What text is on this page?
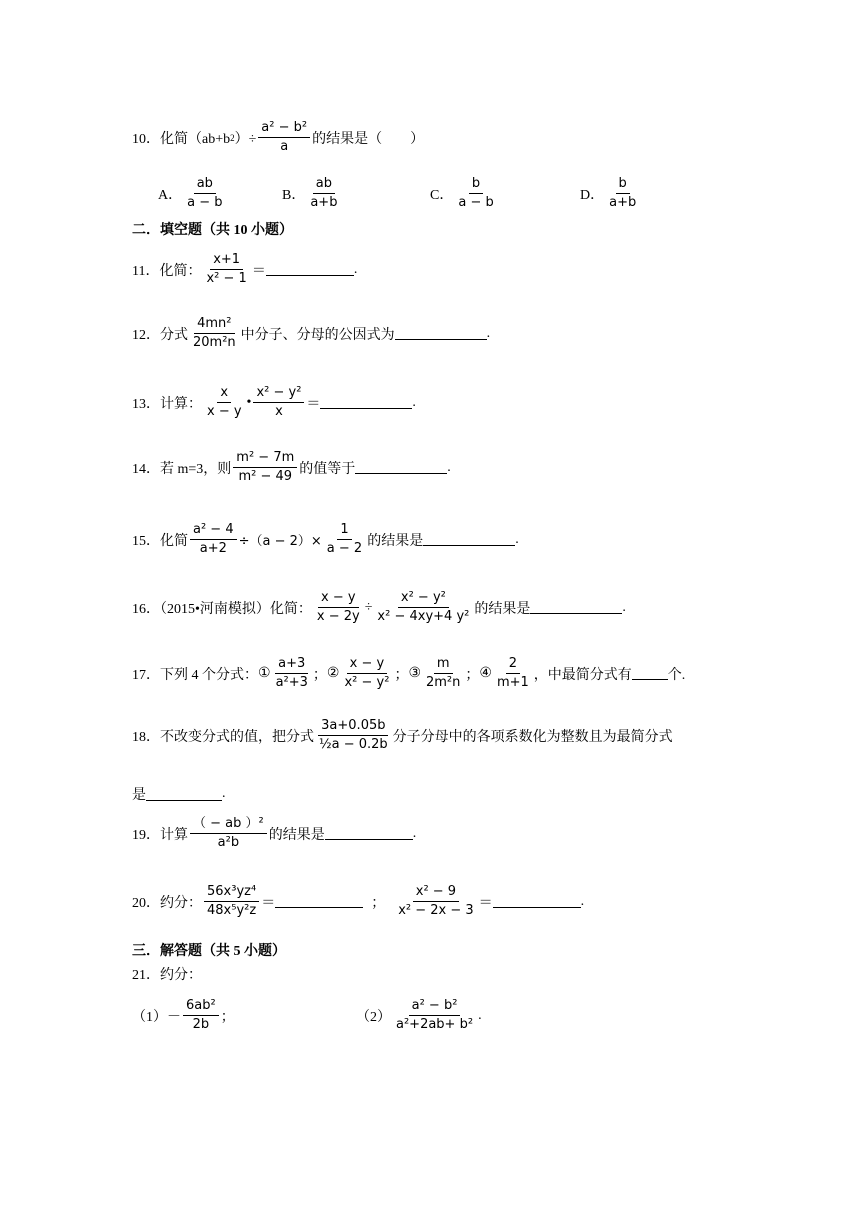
10．化简（ab+b 2 ）÷ $\frac{\text{a² − b²}}{a}$ 的结果是（　　）
A． $\frac{ab}{a - b}$	B． $\frac{ab}{a+b}$	C． $\frac{b}{a - b}$	D． $\frac{b}{a+b}$
二．填空题（共 10 小题）
11．化简： $\frac{x+1}{\text{x² − 1}}$ ＝	.
12．分式 $\frac{\text{4mn²}}{\text{20m²n}}$ 中分子、分母的公因式为	.
13．计算： $\frac{x}{x - y}$ • $\frac{\text{x² − y²}}{x}$ ＝	.
14．若 m=3，则 $\frac{\text{m² − 7m}}{\text{m² − 49}}$ 的值等于	.
15．化简 $\frac{\text{a² − 4}}{a+2} \div(a - 2)\times \frac{1}{a - 2}$ 的结果是	.
16．（2015•河南模拟）化简： $\frac{x - y}{x - 2y} \div \frac{\text{x² − y²}}{\text{x² − 4xy+4 y²}}$ 的结果是	.
17．下列 4 个分式： ① $\frac{a+3}{\text{a²+3}}$ ； ② $\frac{x - y}{\text{x² − y²}}$ ； ③ $\frac{m}{\text{2m²n}}$ ； ④ $\frac{2}{m+1}$ ， 中最简分式有	个.
18．不改变分式的值，把分式 $\frac{3a+0.05b}{\text{½a − 0.2b}}$ 分子分母中的各项系数化为整数且为最简分式
是	.
19．计算 $\frac{\text{（ − ab ）²}}{\text{a²b}}$ 的结果是	.
20．约分： $\frac{\text{56x³yz⁴}}{\text{48x⁵y²z}}$ ＝	； $\frac{\text{x² − 9}}{\text{x² − 2x − 3}}$ ＝	.
三．解答题（共 5 小题）
21．约分：
$(1) - \frac{\text{6ab²}}{2b}$ ；	$(2) \frac{\text{a² − b²}}{\text{a²+2ab+ b²}}$ .
